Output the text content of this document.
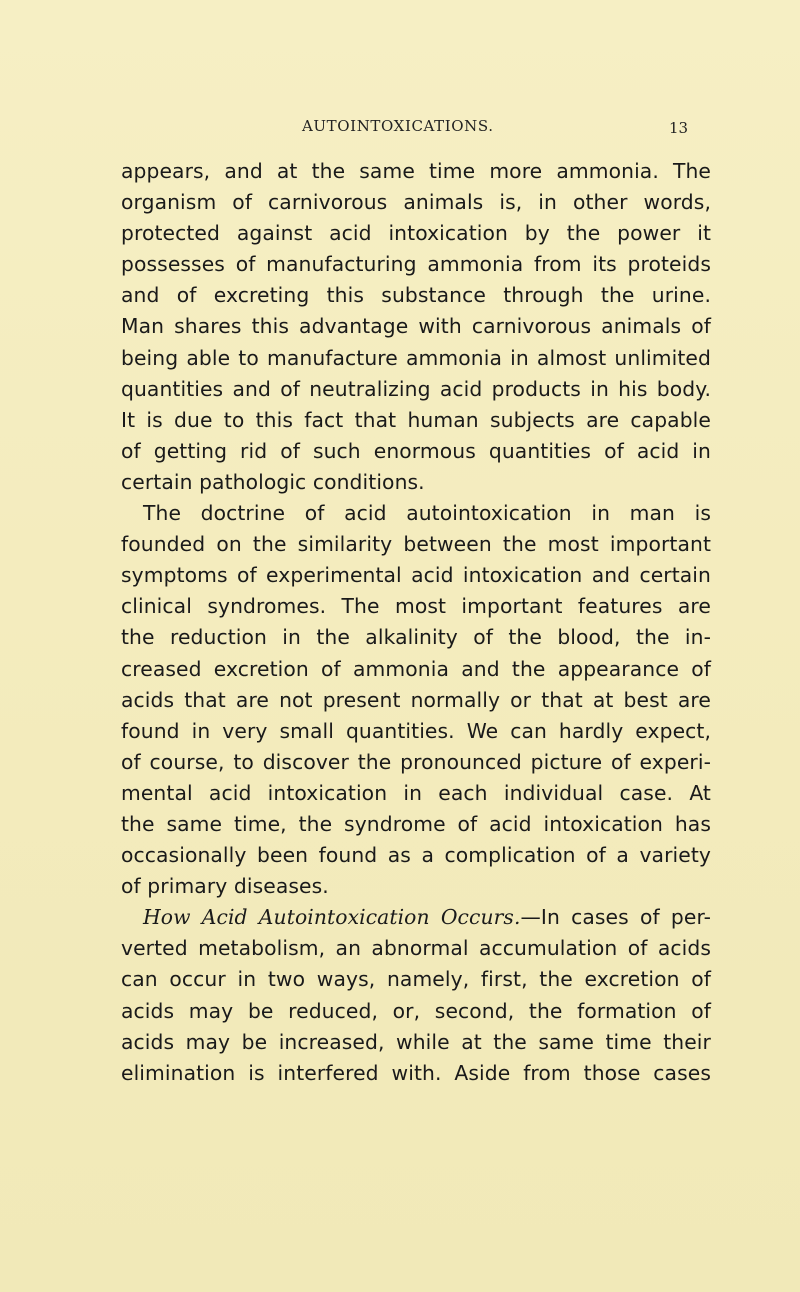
AUTOINTOXICATIONS.	13
appears, and at the same time more ammonia. The
organism of carnivorous animals is, in other words,
protected against acid intoxication by the power it
possesses of manufacturing ammonia from its proteids
and of excreting this substance through the urine.
Man shares this advantage with carnivorous animals of
being able to manufacture ammonia in almost unlimited
quantities and of neutralizing acid products in his body.
It is due to this fact that human subjects are capable
of getting rid of such enormous quantities of acid in
certain pathologic conditions.
The doctrine of acid autointoxication in man is
founded on the similarity between the most important
symptoms of experimental acid intoxication and certain
clinical syndromes. The most important features are
the reduction in the alkalinity of the blood, the in-
creased excretion of ammonia and the appearance of
acids that are not present normally or that at best are
found in very small quantities. We can hardly expect,
of course, to discover the pronounced picture of experi-
mental acid intoxication in each individual case. At
the same time, the syndrome of acid intoxication has
occasionally been found as a complication of a variety
of primary diseases.
How Acid Autointoxication Occurs.—In cases of per-
verted metabolism, an abnormal accumulation of acids
can occur in two ways, namely, first, the excretion of
acids may be reduced, or, second, the formation of
acids may be increased, while at the same time their
elimination is interfered with. Aside from those cases
